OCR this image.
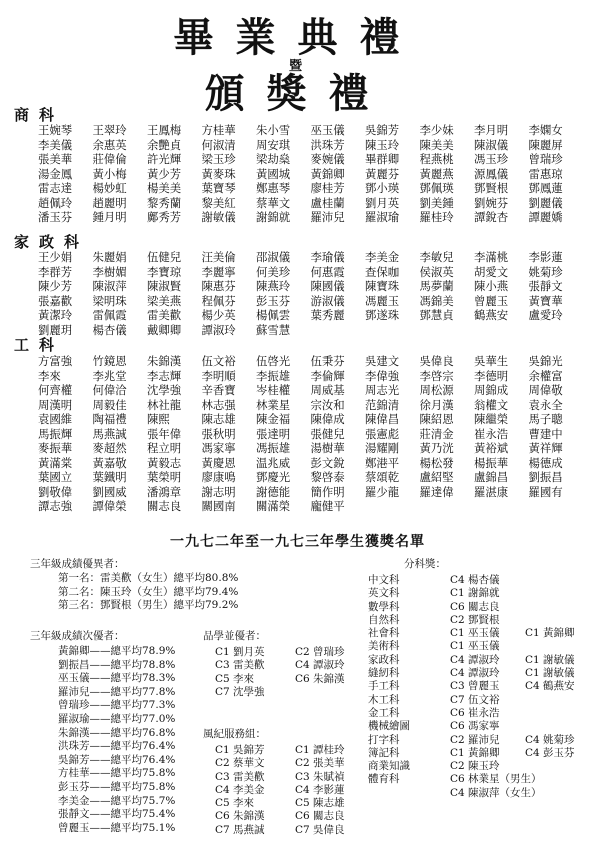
畢業典禮
暨
頒獎禮
商科
王婉琴	王翠玲	王鳳梅	方桂華	朱小雪	巫玉儀	吳錦芳	李少妹	李月明	李嫻女
李美儀	余惠英	余艷貞	何淑清	周安琪	洪珠芳	陳玉玲	陳美美	陳淑儀	陳麗屏
張美華	莊偉倫	許光輝	梁玉珍	梁劫燊	麥婉儀	畢群卿	程燕桃	馮玉珍	曾瑞珍
湯金鳳	黃小梅	黃少芳	黃麥珠	黃國城	黃錦卿	黃麗芬	黃麗燕	源鳳儀	雷惠琼
雷志達	楊妙虹	楊美美	葉寶琴	鄭惠琴	廖桂芳	鄧小瑛	鄧佩瑛	鄧賢根	鄧鳳蓮
趙佩玲	趙麗明	黎秀蘭	黎美紅	蔡華文	盧桂蘭	劉月英	劉美鍾	劉婉芬	劉麗儀
潘玉芬	鍾月明	鄺秀芳	謝敏儀	謝錦就	羅沛兒	羅淑瑜	羅桂玲	譚銳杏	譚麗嬌
家政科
王少娟	朱麗娟	伍健兒	汪美倫	邵淑儀	李瑜儀	李美金	李敏兒	李滿桃	李影蓮
李群芳	李樹媚	李寶琼	李麗寧	何美珍	何惠霞	查保咖	侯淑英	胡愛文	姚菊珍
陳少芳	陳淑萍	陳淑賢	陳惠芬	陳燕玲	陳國儀	陳寶珠	馬夢蘭	陳小燕	張靜文
張嘉歡	梁明珠	梁美燕	程佩芬	彭玉芬	游淑儀	馮麗玉	馮錦美	曾麗玉	黃寶華
黃潔玲	雷佩霞	雷美歡	楊少英	楊佩雲	葉秀麗	鄧遂珠	鄧慧貞	鶴燕安	盧愛玲
劉麗玥	楊杏儀	戴卿卿	譚淑玲	蘇雪慧
工科
方富強	竹鏡恩	朱錦漢	伍文裕	伍啓光	伍秉芬	吳建文	吳偉良	吳華生	吳錦光
李來	李兆堂	李志輝	李明順	李振雄	李倫輝	李偉強	李啓宗	李德明	余權富
何齊權	何偉洽	沈學強	辛香寶	岑桂權	周威基	周志光	周松源	周錦成	周偉敬
周漢明	周毅佳	林社龍	林志强	林業星	宗汝和	范錦清	徐月漢	翁權文	袁永全
袁國維	陶福禮	陳熙	陳志雄	陳金福	陳偉成	陳偉昌	陳紹恩	陳繼榮	馬子聰
馬振輝	馬燕誠	張年偉	張秋明	張達明	張健兒	張憲彪	莊清金	崔永浩	曹建中
麥振華	麥超然	程立明	馮家寧	馮振雄	湯樹華	湯耀剛	黃乃洸	黃裕斌	黃祥輝
黃滿棠	黃嘉敬	黃毅志	黃慶恩	温兆威	彭文銳	鄭港平	楊松發	楊振華	楊德成
葉國立	葉鐵明	葉榮明	廖康鳴	鄧慶光	黎啓泰	蔡頌乾	盧紹堅	盧錦昌	劉振昌
劉敬偉	劉國威	潘鴻章	謝志明	謝德能	簡作明	羅少龍	羅達偉	羅湛康	羅國有
譚志強	譚偉榮	關志良	關國南	關滿榮	龐健平
一九七二年至一九七三年學生獲獎名單
三年級成績優異者：
第一名：雷美歡（女生）總平均80.8%
第二名：陳玉玲（女生）總平均79.4%
第三名：鄧賢根（男生）總平均79.2%
三年級成績次優者：
黃錦卿——總平均78.9%
劉振昌——總平均78.8%
巫玉儀——總平均78.3%
羅沛兒——總平均77.8%
曾瑞珍——總平均77.3%
羅淑瑜——總平均77.0%
朱錦漢——總平均76.8%
洪珠芳——總平均76.4%
吳錦芳——總平均76.4%
方桂華——總平均75.8%
彭玉芬——總平均75.8%
李美金——總平均75.7%
張靜文——總平均75.4%
曾麗玉——總平均75.1%
品學並優者：
C1 劉月英	C2 曾瑞珍
C3 雷美歡	C4 譚淑玲
C5 李來	C6 朱錦漢
C7 沈學強
風紀服務組：
C1 吳錦芳	C1 譚桂玲
C2 蔡華文	C2 張美華
C3 雷美歡	C3 朱賦禎
C4 李美金	C4 李影蓮
C5 李來	C5 陳志雄
C6 朱錦漢	C6 關志良
C7 馬燕誠	C7 吳偉良
分科獎：
中文科	C4 楊杏儀
英文科	C1 謝錦就
數學科	C6 關志良
自然科	C2 鄧賢根
社會科	C1 巫玉儀 C1 黃錦卿
美術科	C1 巫玉儀
家政科	C4 譚淑玲 C1 謝敏儀
縫紉科	C4 譚淑玲 C1 謝敏儀
手工科	C3 曾麗玉 C4 鶴燕安
木工科	C7 伍文裕
金工科	C6 崔永浩
機械繪圖	C6 馮家寧
打字科	C2 羅沛兒 C4 姚菊珍
簿記科	C1 黃錦卿 C4 彭玉芬
商業知識	C2 陳玉玲
體育科	C6 林業星（男生）
C4 陳淑萍（女生）
